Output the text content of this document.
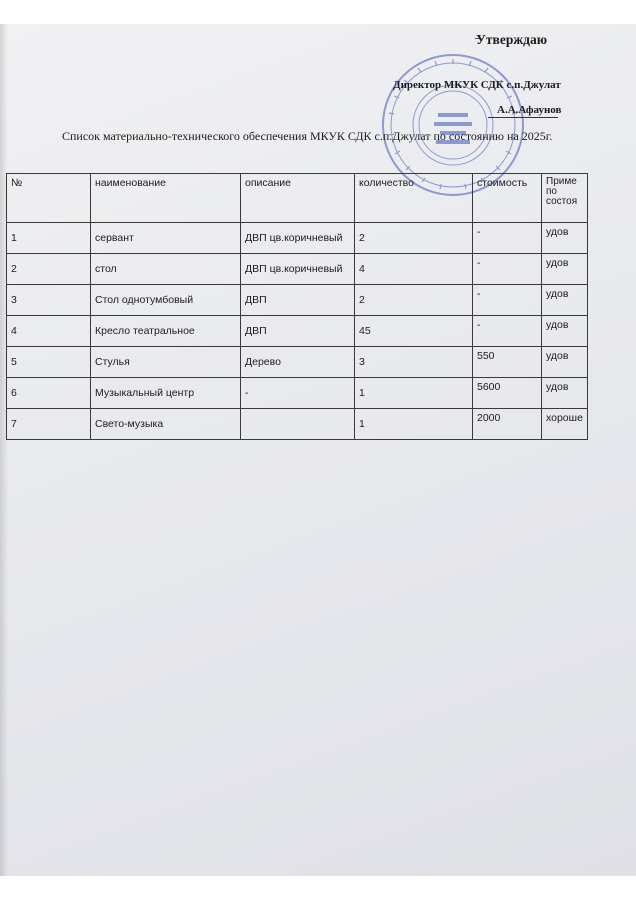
Утверждаю
Директор МКУК СДК с.п.Джулат
А.А.Афаунов
Список материально-технического обеспечения МКУК СДК с.п.Джулат по состоянию на 2025г.
№	наименование	описание	количество	стоимость	Приме
по
состоя

1	сервант	ДВП цв.коричневый	2	-	удов
2	стол	ДВП цв.коричневый	4	-	удов
3	Стол однотумбовый	ДВП	2	-	удов
4	Кресло театральное	ДВП	45	-	удов
5	Стулья	Дерево	3	550	удов
6	Музыкальный центр	-	1	5600	удов
7	Свето-музыка		1	2000	хороше
